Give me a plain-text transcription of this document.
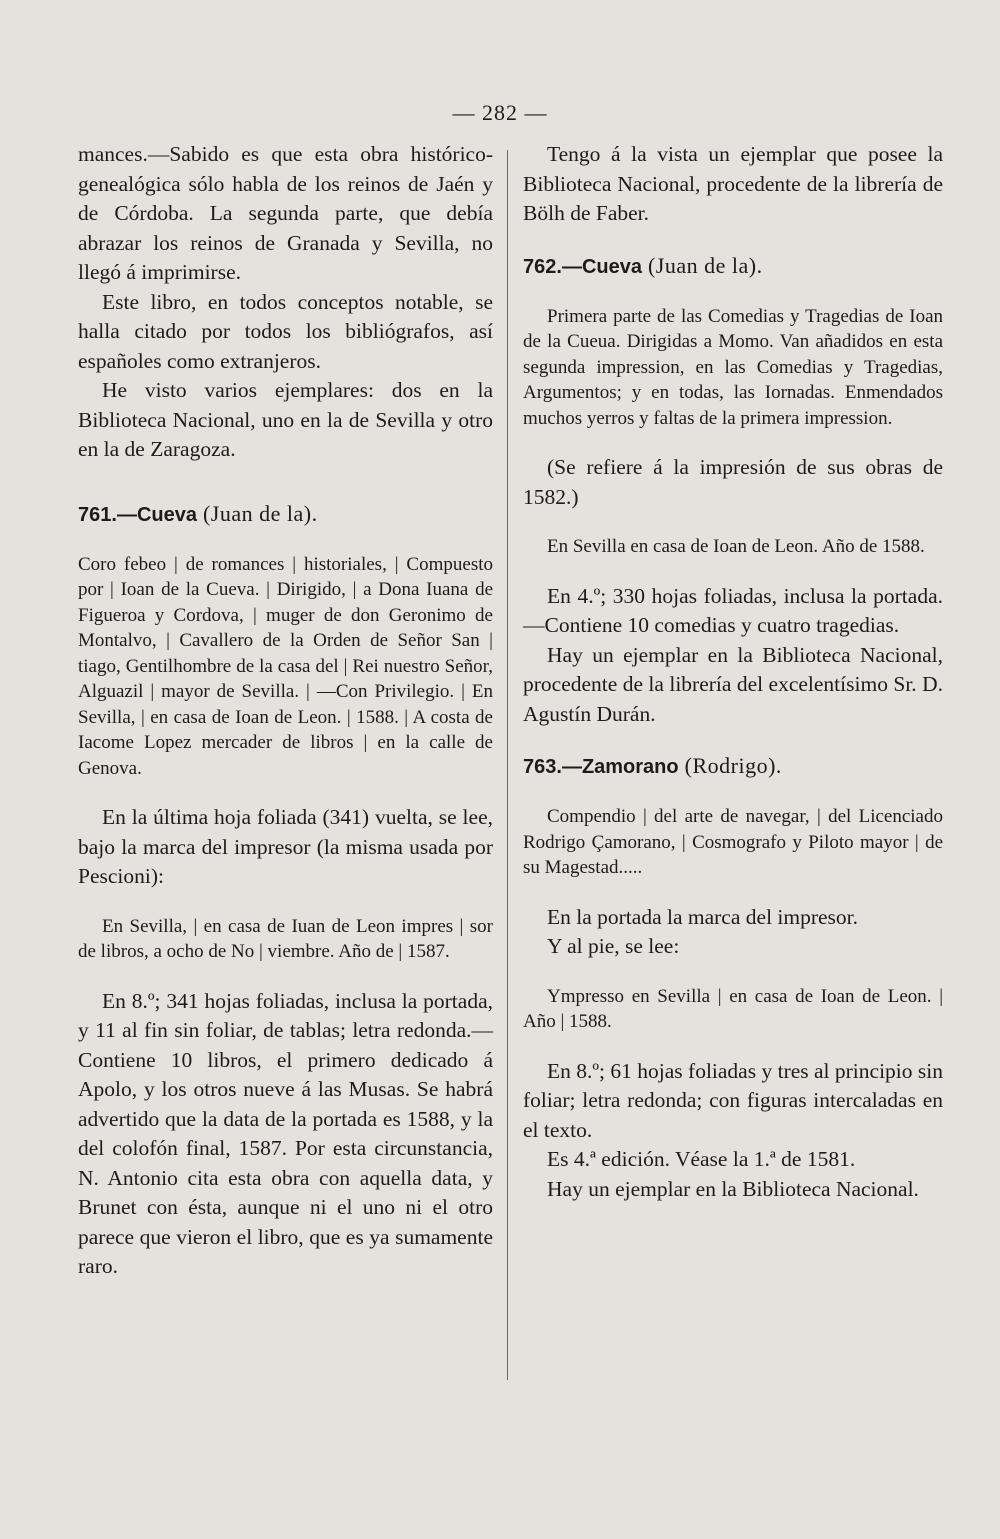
— 282 —

mances.—Sabido es que esta obra histórico-genealógica sólo habla de los reinos de Jaén y de Córdoba. La segunda parte, que debía abrazar los reinos de Granada y Sevilla, no llegó á imprimirse.

Este libro, en todos conceptos notable, se halla citado por todos los bibliógrafos, así españoles como extranjeros.

He visto varios ejemplares: dos en la Biblioteca Nacional, uno en la de Sevilla y otro en la de Zaragoza.

761.—Cueva (Juan de la).

Coro febeo | de romances | historiales, | Compuesto por | Ioan de la Cueva. | Dirigido, | a Dona Iuana de Figueroa y Cordova, | muger de don Geronimo de Montalvo, | Cavallero de la Orden de Señor San | tiago, Gentilhombre de la casa del | Rei nuestro Señor, Alguazil | mayor de Sevilla. | —Con Privilegio. | En Sevilla, | en casa de Ioan de Leon. | 1588. | A costa de Iacome Lopez mercader de libros | en la calle de Genova.

En la última hoja foliada (341) vuelta, se lee, bajo la marca del impresor (la misma usada por Pescioni):

En Sevilla, | en casa de Iuan de Leon impres | sor de libros, a ocho de No | viembre. Año de | 1587.

En 8.º; 341 hojas foliadas, inclusa la portada, y 11 al fin sin foliar, de tablas; letra redonda.—Contiene 10 libros, el primero dedicado á Apolo, y los otros nueve á las Musas. Se habrá advertido que la data de la portada es 1588, y la del colofón final, 1587. Por esta circunstancia, N. Antonio cita esta obra con aquella data, y Brunet con ésta, aunque ni el uno ni el otro parece que vieron el libro, que es ya sumamente raro.

Tengo á la vista un ejemplar que posee la Biblioteca Nacional, procedente de la librería de Bölh de Faber.

762.—Cueva (Juan de la).

Primera parte de las Comedias y Tragedias de Ioan de la Cueua. Dirigidas a Momo. Van añadidos en esta segunda impression, en las Comedias y Tragedias, Argumentos; y en todas, las Iornadas. Enmendados muchos yerros y faltas de la primera impression.

(Se refiere á la impresión de sus obras de 1582.)

En Sevilla en casa de Ioan de Leon. Año de 1588.

En 4.º; 330 hojas foliadas, inclusa la portada.—Contiene 10 comedias y cuatro tragedias.

Hay un ejemplar en la Biblioteca Nacional, procedente de la librería del excelentísimo Sr. D. Agustín Durán.

763.—Zamorano (Rodrigo).

Compendio | del arte de navegar, | del Licenciado Rodrigo Çamorano, | Cosmografo y Piloto mayor | de su Magestad.....

En la portada la marca del impresor.

Y al pie, se lee:

Ympresso en Sevilla | en casa de Ioan de Leon. | Año | 1588.

En 8.º; 61 hojas foliadas y tres al principio sin foliar; letra redonda; con figuras intercaladas en el texto.

Es 4.ª edición. Véase la 1.ª de 1581.

Hay un ejemplar en la Biblioteca Nacional.
